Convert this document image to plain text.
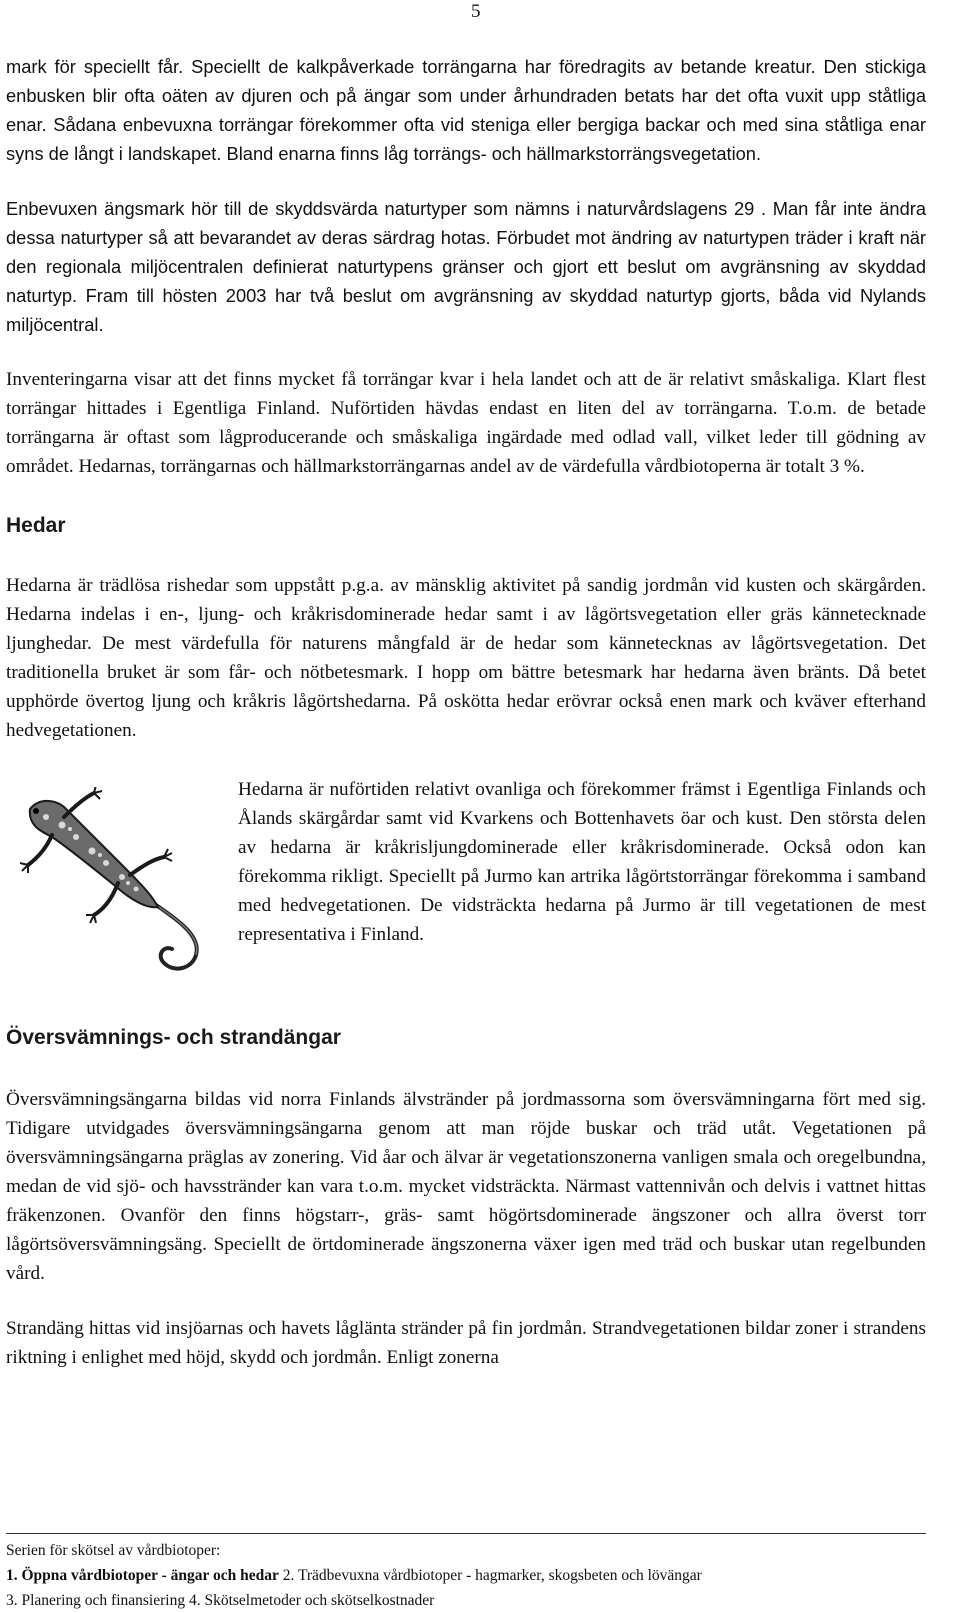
5

mark för speciellt får. Speciellt de kalkpåverkade torrängarna har föredragits av betande kreatur. Den stickiga enbusken blir ofta oäten av djuren och på ängar som under århundraden betats har det ofta vuxit upp ståtliga enar. Sådana enbevuxna torrängar förekommer ofta vid steniga eller bergiga backar och med sina ståtliga enar syns de långt i landskapet. Bland enarna finns låg torrängs- och hällmarkstorrängsvegetation.

Enbevuxen ängsmark hör till de skyddsvärda naturtyper som nämns i naturvårdslagens 29 . Man får inte ändra dessa naturtyper så att bevarandet av deras särdrag hotas. Förbudet mot ändring av naturtypen träder i kraft när den regionala miljöcentralen definierat naturtypens gränser och gjort ett beslut om avgränsning av skyddad naturtyp. Fram till hösten 2003 har två beslut om avgränsning av skyddad naturtyp gjorts, båda vid Nylands miljöcentral.

Inventeringarna visar att det finns mycket få torrängar kvar i hela landet och att de är relativt småskaliga. Klart flest torrängar hittades i Egentliga Finland. Nuförtiden hävdas endast en liten del av torrängarna. T.o.m. de betade torrängarna är oftast som lågproducerande och småskaliga ingärdade med odlad vall, vilket leder till gödning av området. Hedarnas, torrängarnas och hällmarkstorrängarnas andel av de värdefulla vårdbiotoperna är totalt 3 %.

Hedar

Hedarna är trädlösa rishedar som uppstått p.g.a. av mänsklig aktivitet på sandig jordmån vid kusten och skärgården. Hedarna indelas i en-, ljung- och kråkrisdominerade hedar samt i av lågörtsvegetation eller gräs kännetecknade ljunghedar. De mest värdefulla för naturens mångfald är de hedar som kännetecknas av lågörtsvegetation. Det traditionella bruket är som får- och nötbetesmark. I hopp om bättre betesmark har hedarna även bränts. Då betet upphörde övertog ljung och kråkris lågörtshedarna. På oskötta hedar erövrar också enen mark och kväver efterhand hedvegetationen.

Hedarna är nuförtiden relativt ovanliga och förekommer främst i Egentliga Finlands och Ålands skärgårdar samt vid Kvarkens och Bottenhavets öar och kust. Den största delen av hedarna är kråkrisljungdominerade eller kråkrisdominerade. Också odon kan förekomma rikligt. Speciellt på Jurmo kan artrika lågörtstorrängar förekomma i samband med hedvegetationen. De vidsträckta hedarna på Jurmo är till vegetationen de mest representativa i Finland.

Översvämnings- och strandängar

Översvämningsängarna bildas vid norra Finlands älvstränder på jordmassorna som översvämningarna fört med sig. Tidigare utvidgades översvämningsängarna genom att man röjde buskar och träd utåt. Vegetationen på översvämningsängarna präglas av zonering. Vid åar och älvar är vegetationszonerna vanligen smala och oregelbundna, medan de vid sjö- och havsstränder kan vara t.o.m. mycket vidsträckta. Närmast vattennivån och delvis i vattnet hittas fräkenzonen. Ovanför den finns högstarr-, gräs- samt högörtsdominerade ängszoner och allra överst torr lågörtsöversvämningsäng. Speciellt de örtdominerade ängszonerna växer igen med träd och buskar utan regelbunden vård.

Strandäng hittas vid insjöarnas och havets låglänta stränder på fin jordmån. Strandvegetationen bildar zoner i strandens riktning i enlighet med höjd, skydd och jordmån. Enligt zonerna

Serien för skötsel av vårdbiotoper:
1. Öppna vårdbiotoper - ängar och hedar 2. Trädbevuxna vårdbiotoper - hagmarker, skogsbeten och lövängar
3. Planering och finansiering 4. Skötselmetoder och skötselkostnader
